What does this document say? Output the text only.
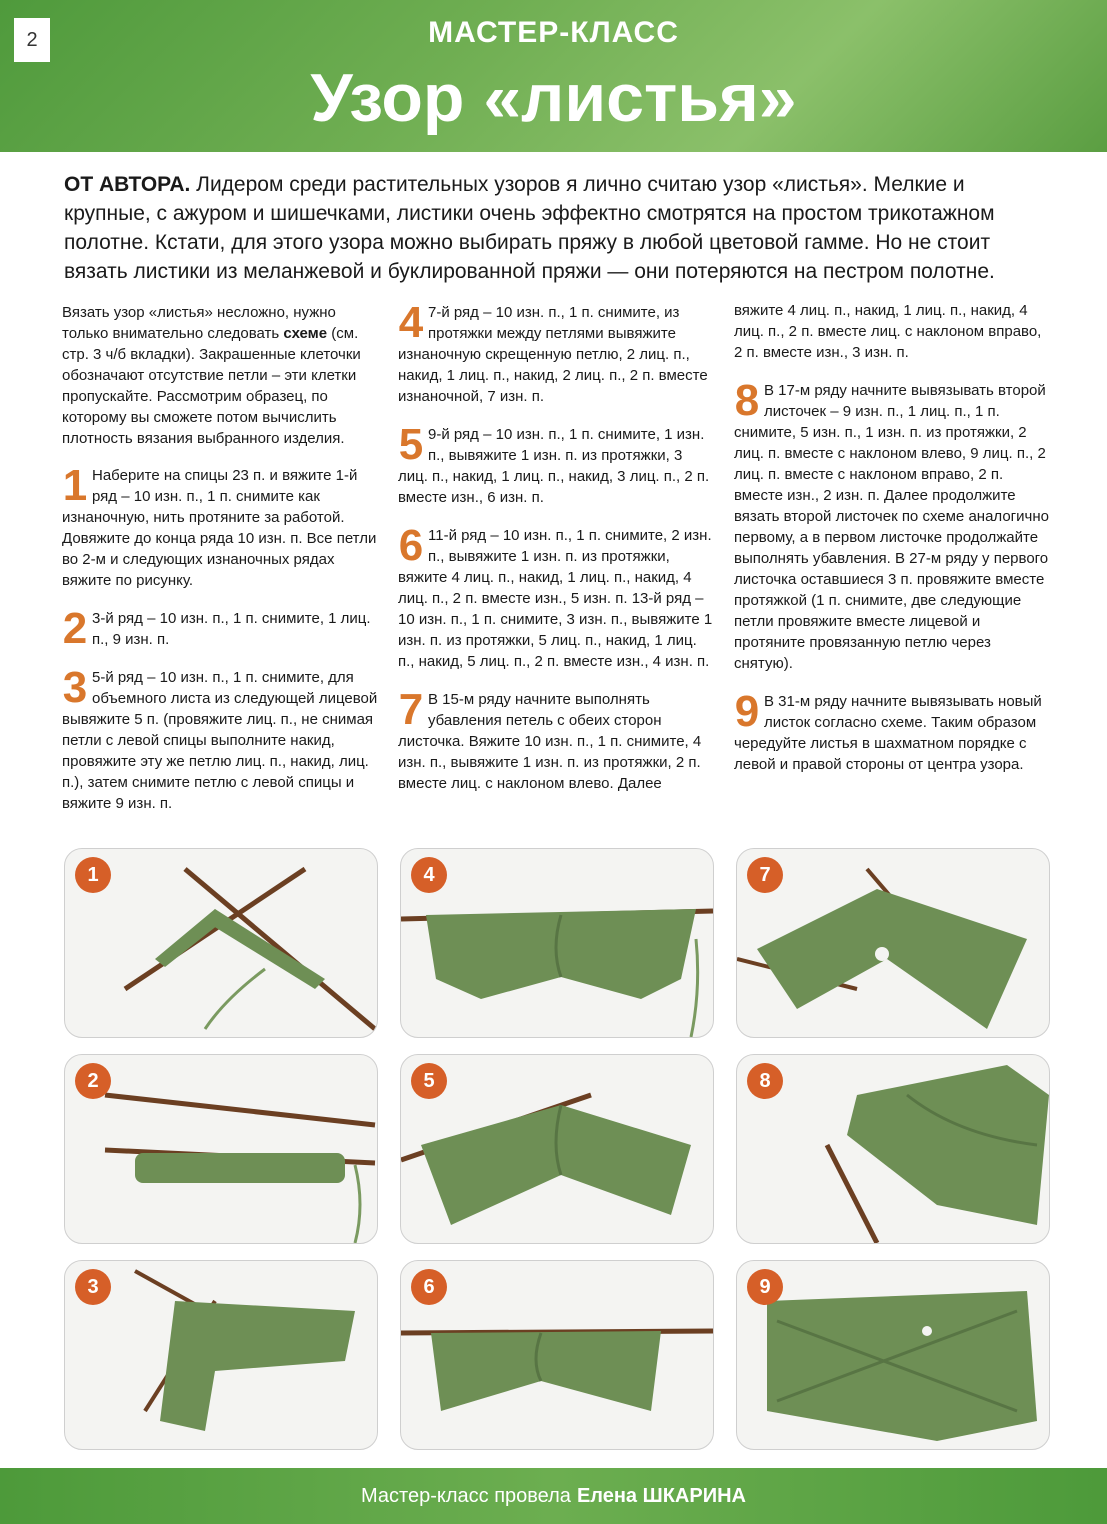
2	МАСТЕР-КЛАСС
Узор «листья»
ОТ АВТОРА. Лидером среди растительных узоров я лично считаю узор «листья». Мелкие и крупные, с ажуром и шишечками, листики очень эффектно смотрятся на простом трикотажном полотне. Кстати, для этого узора можно выбирать пряжу в любой цветовой гамме. Но не стоит вязать листики из меланжевой и буклированной пряжи — они потеряются на пестром полотне.

Вязать узор «листья» несложно, нужно только внимательно следовать схеме (см. стр. 3 ч/б вкладки). Закрашенные клеточки обозначают отсутствие петли – эти клетки пропускайте. Рассмотрим образец, по которому вы сможете потом вычислить плотность вязания выбранного изделия.

1 Наберите на спицы 23 п. и вяжите 1-й ряд – 10 изн. п., 1 п. снимите как изнаночную, нить протяните за работой. Довяжите до конца ряда 10 изн. п. Все петли во 2-м и следующих изнаночных рядах вяжите по рисунку.
2 3-й ряд – 10 изн. п., 1 п. снимите, 1 лиц. п., 9 изн. п.
3 5-й ряд – 10 изн. п., 1 п. снимите, для объемного листа из следующей лицевой вывяжите 5 п. (провяжите лиц. п., не снимая петли с левой спицы выполните накид, провяжите эту же петлю лиц. п., накид, лиц. п.), затем снимите петлю с левой спицы и вяжите 9 изн. п.
4 7-й ряд – 10 изн. п., 1 п. снимите, из протяжки между петлями вывяжите изнаночную скрещенную петлю, 2 лиц. п., накид, 1 лиц. п., накид, 2 лиц. п., 2 п. вместе изнаночной, 7 изн. п.
5 9-й ряд – 10 изн. п., 1 п. снимите, 1 изн. п., вывяжите 1 изн. п. из протяжки, 3 лиц. п., накид, 1 лиц. п., накид, 3 лиц. п., 2 п. вместе изн., 6 изн. п.
6 11-й ряд – 10 изн. п., 1 п. снимите, 2 изн. п., вывяжите 1 изн. п. из протяжки, вяжите 4 лиц. п., накид, 1 лиц. п., накид, 4 лиц. п., 2 п. вместе изн., 5 изн. п. 13-й ряд – 10 изн. п., 1 п. снимите, 3 изн. п., вывяжите 1 изн. п. из протяжки, 5 лиц. п., накид, 1 лиц. п., накид, 5 лиц. п., 2 п. вместе изн., 4 изн. п.
7 В 15-м ряду начните выполнять убавления петель с обеих сторон листочка. Вяжите 10 изн. п., 1 п. снимите, 4 изн. п., вывяжите 1 изн. п. из протяжки, 2 п. вместе лиц. с наклоном влево. Далее
вяжите 4 лиц. п., накид, 1 лиц. п., накид, 4 лиц. п., 2 п. вместе лиц. с наклоном вправо, 2 п. вместе изн., 3 изн. п.
8 В 17-м ряду начните вывязывать второй листочек – 9 изн. п., 1 лиц. п., 1 п. снимите, 5 изн. п., 1 изн. п. из протяжки, 2 лиц. п. вместе с наклоном влево, 9 лиц. п., 2 лиц. п. вместе с наклоном вправо, 2 п. вместе изн., 2 изн. п. Далее продолжите вязать второй листочек по схеме аналогично первому, а в первом листочке продолжайте выполнять убавления. В 27-м ряду у первого листочка оставшиеся 3 п. провяжите вместе протяжкой (1 п. снимите, две следующие петли провяжите вместе лицевой и протяните провязанную петлю через снятую).
9 В 31-м ряду начните вывязывать новый листок согласно схеме. Таким образом чередуйте листья в шахматном порядке с левой и правой стороны от центра узора.
1	4	7
2	5	8
3	6	9
Мастер-класс провела Елена ШКАРИНА
